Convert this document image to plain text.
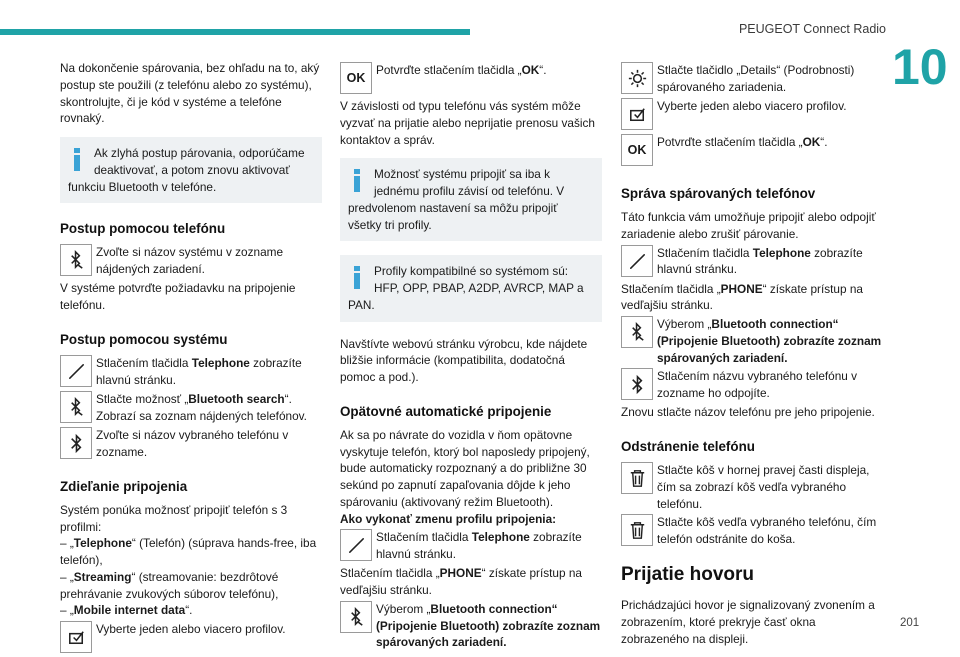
PEUGEOT Connect Radio
10
Na dokončenie spárovania, bez ohľadu na to, aký postup ste použili (z telefónu alebo zo systému), skontrolujte, či je kód v systéme a telefóne rovnaký.
Ak zlyhá postup párovania, odporúčame deaktivovať, a potom znovu aktivovať funkciu Bluetooth v telefóne.
Postup pomocou telefónu
Zvoľte si názov systému v zozname nájdených zariadení.
V systéme potvrďte požiadavku na pripojenie telefónu.
Postup pomocou systému
Stlačením tlačidla Telephone zobrazíte hlavnú stránku.
Stlačte možnosť „Bluetooth search“. Zobrazí sa zoznam nájdených telefónov.
Zvoľte si názov vybraného telefónu v zozname.
Zdieľanie pripojenia
Systém ponúka možnosť pripojiť telefón s 3 profilmi:
– „Telephone“ (Telefón) (súprava hands-free, iba telefón),
– „Streaming“ (streamovanie: bezdrôtové prehrávanie zvukových súborov telefónu),
– „Mobile internet data“.
Vyberte jeden alebo viacero profilov.
OK
Potvrďte stlačením tlačidla „OK“.
V závislosti od typu telefónu vás systém môže vyzvať na prijatie alebo neprijatie prenosu vašich kontaktov a správ.
Možnosť systému pripojiť sa iba k jednému profilu závisí od telefónu. V predvolenom nastavení sa môžu pripojiť všetky tri profily.
Profily kompatibilné so systémom sú: HFP, OPP, PBAP, A2DP, AVRCP, MAP a PAN.
Navštívte webovú stránku výrobcu, kde nájdete bližšie informácie (kompatibilita, dodatočná pomoc a pod.).
Opätovné automatické pripojenie
Ak sa po návrate do vozidla v ňom opätovne vyskytuje telefón, ktorý bol naposledy pripojený, bude automaticky rozpoznaný a do približne 30 sekúnd po zapnutí zapaľovania dôjde k jeho spárovaniu (aktivovaný režim Bluetooth).
Ako vykonať zmenu profilu pripojenia:
Stlačením tlačidla Telephone zobrazíte hlavnú stránku.
Stlačením tlačidla „PHONE“ získate prístup na vedľajšiu stránku.
Výberom „Bluetooth connection“ (Pripojenie Bluetooth) zobrazíte zoznam spárovaných zariadení.
Stlačte tlačidlo „Details“ (Podrobnosti) spárovaného zariadenia.
Vyberte jeden alebo viacero profilov.
OK
Potvrďte stlačením tlačidla „OK“.
Správa spárovaných telefónov
Táto funkcia vám umožňuje pripojiť alebo odpojiť zariadenie alebo zrušiť párovanie.
Stlačením tlačidla Telephone zobrazíte hlavnú stránku.
Stlačením tlačidla „PHONE“ získate prístup na vedľajšiu stránku.
Výberom „Bluetooth connection“ (Pripojenie Bluetooth) zobrazíte zoznam spárovaných zariadení.
Stlačením názvu vybraného telefónu v zozname ho odpojíte.
Znovu stlačte názov telefónu pre jeho pripojenie.
Odstránenie telefónu
Stlačte kôš v hornej pravej časti displeja, čím sa zobrazí kôš vedľa vybraného telefónu.
Stlačte kôš vedľa vybraného telefónu, čím telefón odstránite do koša.
Prijatie hovoru
Prichádzajúci hovor je signalizovaný zvonením a zobrazením, ktoré prekryje časť okna zobrazeného na displeji.
201
